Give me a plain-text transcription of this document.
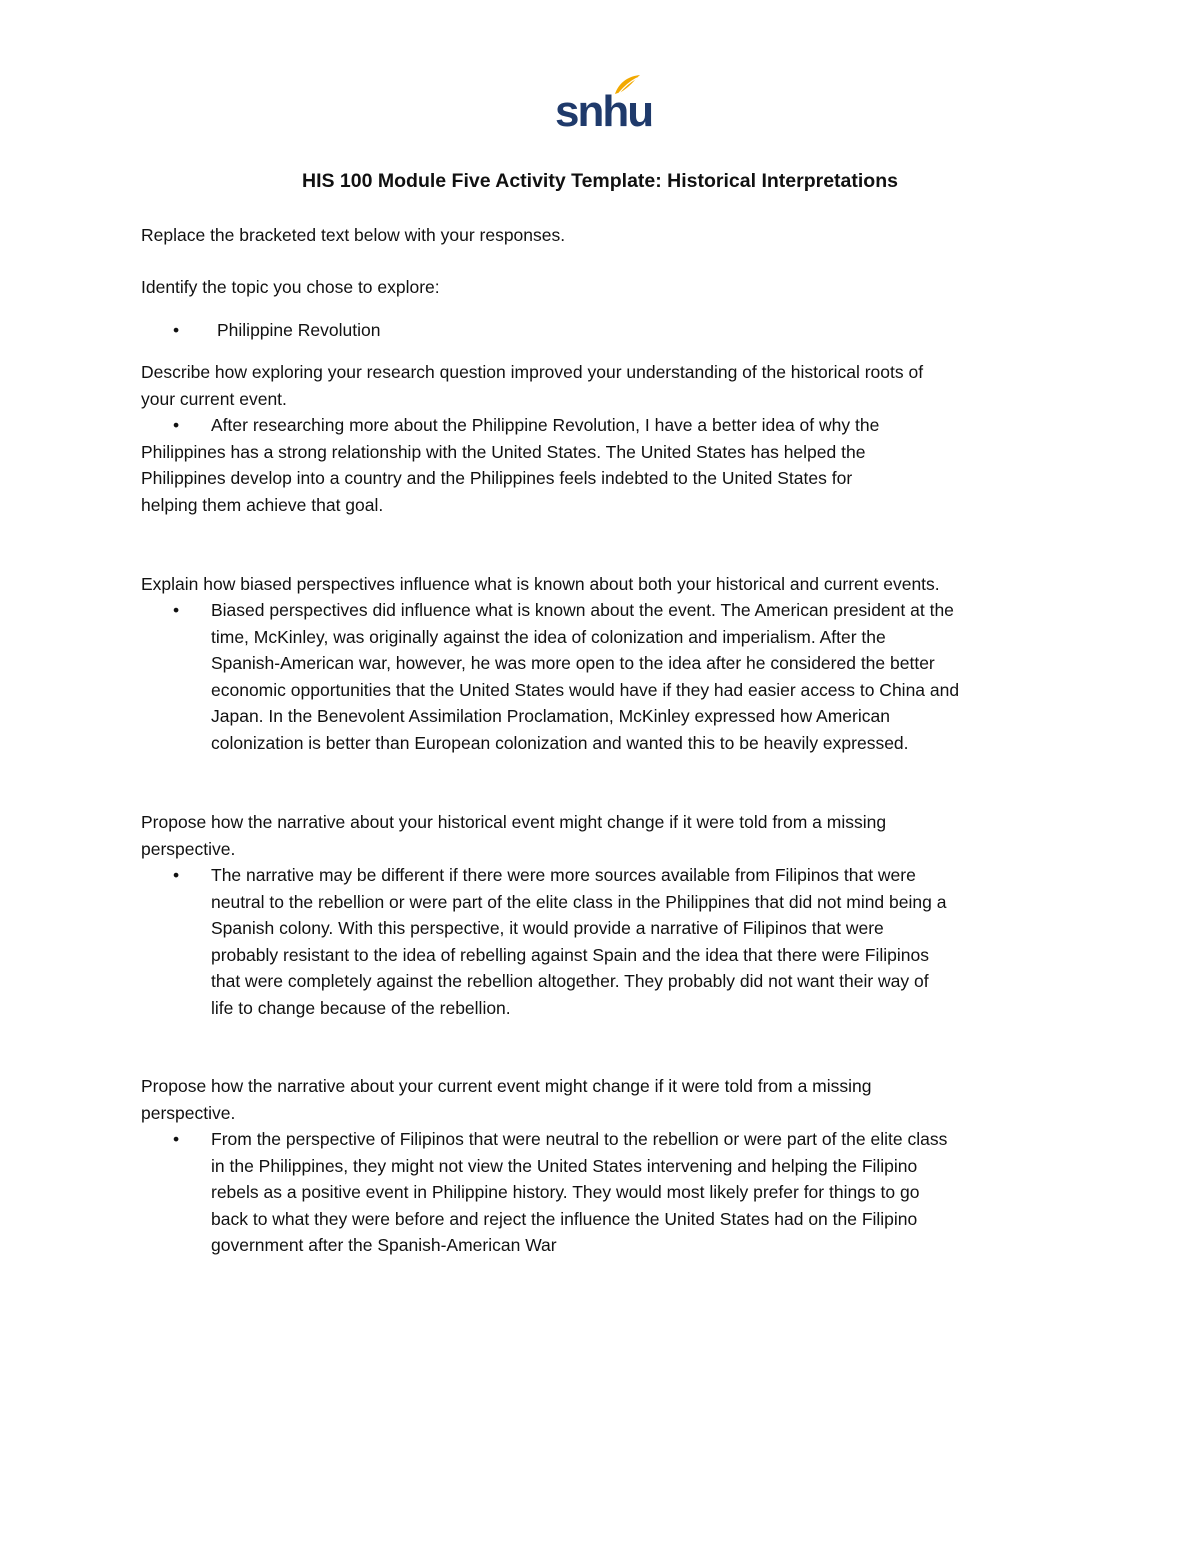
snhu
HIS 100 Module Five Activity Template: Historical Interpretations
Replace the bracketed text below with your responses.
Identify the topic you chose to explore:
• Philippine Revolution
Describe how exploring your research question improved your understanding of the historical roots of
your current event.
•	After researching more about the Philippine Revolution, I have a better idea of why the
Philippines has a strong relationship with the United States. The United States has helped the
Philippines develop into a country and the Philippines feels indebted to the United States for
helping them achieve that goal.
Explain how biased perspectives influence what is known about both your historical and current events.
• Biased perspectives did influence what is known about the event. The American president at the
time, McKinley, was originally against the idea of colonization and imperialism. After the
Spanish-American war, however, he was more open to the idea after he considered the better
economic opportunities that the United States would have if they had easier access to China and
Japan. In the Benevolent Assimilation Proclamation, McKinley expressed how American
colonization is better than European colonization and wanted this to be heavily expressed.
Propose how the narrative about your historical event might change if it were told from a missing
perspective.
• The narrative may be different if there were more sources available from Filipinos that were
neutral to the rebellion or were part of the elite class in the Philippines that did not mind being a
Spanish colony. With this perspective, it would provide a narrative of Filipinos that were
probably resistant to the idea of rebelling against Spain and the idea that there were Filipinos
that were completely against the rebellion altogether. They probably did not want their way of
life to change because of the rebellion.
Propose how the narrative about your current event might change if it were told from a missing
perspective.
• From the perspective of Filipinos that were neutral to the rebellion or were part of the elite class
in the Philippines, they might not view the United States intervening and helping the Filipino
rebels as a positive event in Philippine history. They would most likely prefer for things to go
back to what they were before and reject the influence the United States had on the Filipino
government after the Spanish-American War
